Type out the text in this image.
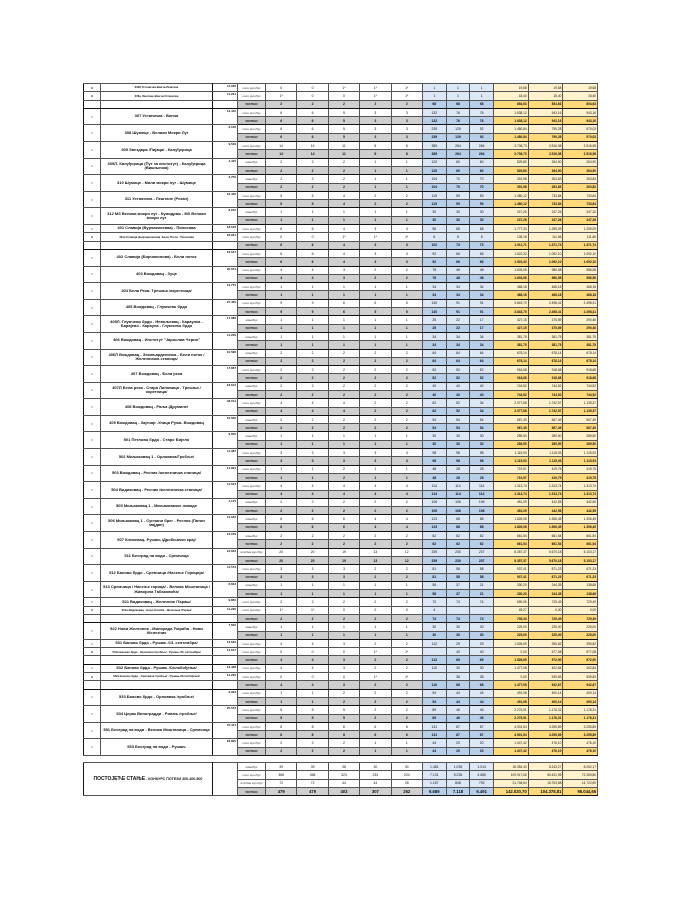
a	306б Устаничка-Винча-Лештане	11,030	соло аутобус	0	0	1*	1*	1*	1	1	1	19,68	19,68	19,68
a	306ц Лештане-Винча-Устаничка	11,291	соло аутобус	1*	0	0	1*	1*	1	1	1	18,40	18,40	18,40
			УКУПНО	2	2	2	2	2	68	68	68	854,63	854,63	854,63
=	307 Устаничка - Винча	12,410	соло аутобус	6	6	5	3	3	132	76	76	1.638,12	943,16	943,16
			УКУПНО	6	6	5	3	3	132	76	76	1.638,12	943,16	943,16
=	308 Шумице - Велики Мокри Луг	6,106	соло аутобус	6	6	5	3	3	239	129	92	1.480,84	799,28	570,03
			УКУПНО	6	6	5	3	3	239	129	92	1.480,84	799,28	570,03
=	309 Звездара /Пијаца/ - Калуђерица	9,529	соло аутобус	14	14	11	8	8	389	264	264	3.708,73	2.516,98	2.516,98
			УКУПНО	14	14	11	8	8	389	264	264	3.708,73	2.516,98	2.516,98
=	309Л- Калуђерица (Пут за институт) - Калуђерица (Вишњичка)	4,415	минибус	2	2	2	1	1	120	60	60	529,80	264,90	264,90
			УКУПНО	2	2	2	1	1	120	60	60	529,80	264,90	264,90
=	310 Шумице - Мали мокри луг - Шумице	3,760	минибус	2	2	2	1	1	104	70	70	391,98	263,83	263,83
			УКУПНО	2	2	2	1	1	104	70	70	391,98	263,83	263,83
=	311 Устаничка - Лештане (Рекан)	12,430	соло аутобус	5	5	4	2	2	119	59	59	1.480,12	733,84	733,84
			УКУПНО	5	5	4	2	2	119	59	59	1.480,12	733,84	733,84
=	312 МЗ Велики мокри луг - Кумодраж - МЗ Велики мокри луг	8,242	минибус	1	1	1	1	1	30	30	30	247,26	247,26	247,26
			УКУПНО	1	1	1	1	1	30	30	30	247,26	247,26	247,26
=	401 Славија (Вурчакиневаа) - Пиносава	18,516	соло аутобус	6	6	4	3	3	96	68	68	1.777,34	1.259,09	1.259,09
a	401а Славија (Бирчаниннова) -Бели Потoк - Пиносава	22,931	соло аутобус	0	0	1*	1*	1*	6	5	5	135,18	111,66	111,66
			УКУПНО	6	6	4	3	3	102	73	73	1.911,71	1.371,74	1.371,74
=	402 Славија (Бирчанинова) - Бели поток	16,547	соло аутобус	6	6	4	3	3	92	66	66	1.522,32	1.092,10	1.092,10
			УКУПНО	6	6	4	3	3	92	66	66	1.522,32	1.092,10	1.092,10
=	403 Вождовац - Зуце	20,551	соло аутобус	4	4	3	2	2	78	48	48	1.603,06	986,58	986,58
			УКУПНО	4	4	3	2	2	78	48	48	1.603,06	986,58	986,58
=	404 Бела Река- Трешња /окретница/	13,770	соло аутобус	1	1	1	1	1	34	34	34	468,18	468,18	468,18
			УКУПНО	1	1	1	1	1	34	34	34	468,18	468,18	468,18
=	405 Вождовац - Глумчево брдо	27,455	соло аутобус	9	9	6	5	5	140	91	91	3.843,70	2.498,41	2.498,41
			УКУПНО	9	9	6	5	5	140	91	91	3.843,70	2.498,41	2.498,41
=	405Л. Глумчево брдо - Невољевац - Караулка - Барајево - Караула - Глумчево брдо	17,086	минибус	1	1	1	1	1	25	22	17	427,15	375,89	290,46
			УКУПНО	1	1	1	1	1	25	22	17	427,15	375,89	290,46
=	406 Вождовац - Институт "Јарослав Черни"	11,229	минибус	1	1	1	1	1	34	34	34	381,75	381,75	381,75
			УКУПНО	1	1	1	1	1	34	34	34	381,75	381,75	381,75
=	406Л Вождовац - Зекињарденичка - Бели поток /Железничка станица/	10,596	минибус	2	2	2	2	2	64	64	64	678,14	678,14	678,14
			УКУПНО	2	2	2	2	2	64	64	64	678,14	678,14	678,14
=	407 Вождовац - Бела река	17,667	соло аутобус	2	2	2	2	2	52	52	52	918,68	918,68	918,68
			УКУПНО	2	2	2	2	2	52	52	52	918,68	918,68	918,68
=	407Л Бела река - Стара Липовица - Трешња /окретница/	18,613	минибус	2	2	2	2	2	40	40	40	744,52	744,52	744,52
			УКУПНО	2	2	2	2	2	40	40	40	744,52	744,52	744,52
=	408 Вождовац - Раља /Друмине/	33,511	соло аутобус	4	4	4	2	2	62	52	34	2.077,68	1.742,57	1.139,37
			УКУПНО	4	4	4	2	2	62	52	34	2.077,68	1.742,57	1.139,37
=	409 Вождовац - Зајечар -Улица Ружа- Вождовац	10,500	минибус	2	2	2	2	2	54	54	54	567,49	567,49	567,49
			УКУПНО	2	2	2	2	2	54	54	54	567,49	567,49	567,49
=	501 Петлово брдо - Старо Бијело	9,650	минибус	1	1	1	1	1	30	30	30	289,50	289,50	289,50
			УКУПНО	1	1	1	1	1	30	30	30	289,50	289,50	289,50
=	502 Миљаковац 1 - Орловача/Гробље/	11,387	соло аутобус	3	3	3	3	3	98	98	98	1.115,93	1.115,93	1.115,93
			УКУПНО	3	3	3	3	3	98	98	98	1.115,93	1.115,93	1.115,93
=	503 Вождовац - Ресник /железничка станица/	14,991	соло аутобус	1	1	2	1	1	48	28	28	719,57	419,75	419,75
			УКУПНО	1	1	2	1	1	48	28	28	719,57	419,75	419,75
=	504 Видиковац - Ресник /железничка станица/	11,524	соло аутобус	4	4	4	4	4	114	114	114	1.313,74	1.313,74	1.313,74
			УКУПНО	4	4	4	4	4	114	114	114	1.313,74	1.313,74	1.313,74
=	505 Миљаковац 1 - Миљаковачке ливаде	4,175	минибус	2	2	2	2	2	106	106	106	451,09	442,55	442,55
			УКУПНО	2	2	2	2	2	106	106	106	451,09	442,55	442,55
=	506 Миљаковац 1 - Сунчани брег - Ресник (Патин мајдан)	14,940	минибус	6	6	6	4	4	123	88	88	1.826,08	1.306,45	1.306,45
			УКУПНО	6	6	6	4	4	123	88	88	1.826,08	1.306,45	1.306,45
=	507 Кнежевац- Рушањ /Дробњачки крај/	10,679	минибус	2	2	2	2	2	62	62	62	661,54	661,54	661,54
			УКУПНО	2	2	2	2	2	62	62	62	661,54	661,54	661,54
=	511 Београд на води - Сремчица	24,653	зглобни аутобус	20	20	19	13	12	339	230	207	8.357,37	5.670,18	5.103,17
			УКУПНО	20	20	19	13	12	339	230	207	8.357,37	5.670,18	5.103,17
=	512 Баново брдо - Сремчица /Насеље Гориција/	11,573	соло аутобус	3	3	3	2	2	81	58	58	937,41	671,23	671,23
			УКУПНО	3	3	3	2	2	81	58	58	937,41	671,23	671,23
=	513 Сремчица / Насеље горица/ - Велика Моштаница /Живојина Табаковића/	6,604	минибус	1	1	1	1	1	58	37	21	330,20	244,35	138,68
			УКУПНО	1	1	1	1	1	58	37	21	330,20	244,35	138,68
=	521 Видиковац - Железник /Тараш/	9,850	соло аутобус	2	2	2	2	2	70	74	74	690,06	729,49	729,49
a	521а Видиковац - Боро Кочића - Железник /Тараш/	11,230	соло аутобус	1*	1*	0	0	0	4			45,27	0,00	0,00
			УКУПНО	2	2	2	2	2	74	74	74	735,33	729,49	729,49
=	522 Нови Железник - Милорада Ћирића - Нови Железник	7,500	минибус	1	1	1	1	1	30	30	30	225,00	225,00	225,00
			УКУПНО	1	1	1	1	1	30	30	30	225,00	225,00	225,00
=	531 Баново брдо - Рушањ /13. септембра/	13,649	соло аутобус	4	4	3	2	2	112	29	29	1.528,69	395,82	395,82
a	531а Баново брдо - Орловача /гробље/ - Рушањ /13. септембра/	14,617	соло аутобус	0	0	0	1*	1*		40	40	0,00	577,08	577,08
			УКУПНО	4	4	3	2	2	112	69	69	1.528,69	972,90	972,90
=	532 Баново брдо - Рушањ /Ослобођења/	13,428	соло аутобус	4	4	3	2	2	110	30	30	1.477,08	402,84	402,84
a	532а Баново брдо - Орловача /гробље/ - Рушањ /Ослобођења/	14,200	соло аутобус	0	0	0	1*	1*		38	38	0,00	539,83	539,83
			УКУПНО	4	4	3	2	2	110	68	68	1.477,08	942,67	942,67
=	533 Баново брдо - Орловача /гробље/	9,094	соло аутобус	1	1	2	2	2	54	44	44	491,08	400,14	400,14
			УКУПНО	1	1	2	2	2	54	44	44	491,08	400,14	400,14
=	534 Церак Виноградди - Рипањ /гробље/	25,573	соло аутобус	5	5	5	2	2	89	46	46	2.275,91	1.176,31	1.176,31
			УКУПНО	5	5	5	2	2	89	46	46	2.275,91	1.176,31	1.176,31
=	551 Београд на води - Велика Моштаница - Сремчица	37,414	соло аутобус	8	8	8	6	6	131	87	87	4.901,54	3.255,89	3.255,89
			УКУПНО	8	8	8	6	6	131	87	87	4.901,54	3.255,89	3.255,89
=	553 Београд на води - Рушањ	23,805	соло аутобус	2	2	2	1	1	44	20	20	1.047,42	476,10	476,10
			УКУПНО	2	2	2	1	1	44	20	20	1.047,42	476,10	476,10

ПОСТОЈЕЋЕ СТАЊЕ - КОНКУРС ПОТЕЗИ 300-400-500			минибус	39	39	38	30	30	1.481	1.035	1.014	18.354,40	8.243,27	8.052,17
			соло аутобус	368	368	323	233	204	7.131	5.235	4.685	109.917,66	80.431,96	72.269,80
			зглобни аутобус	72	72	44	44	28	1.157	848	792	21.748,64	15.703,58	14.722,69
			УКУПНО	479	479	403	307	262	9.689	7.118	6.491	142.020,70	104.378,81	95.044,65
